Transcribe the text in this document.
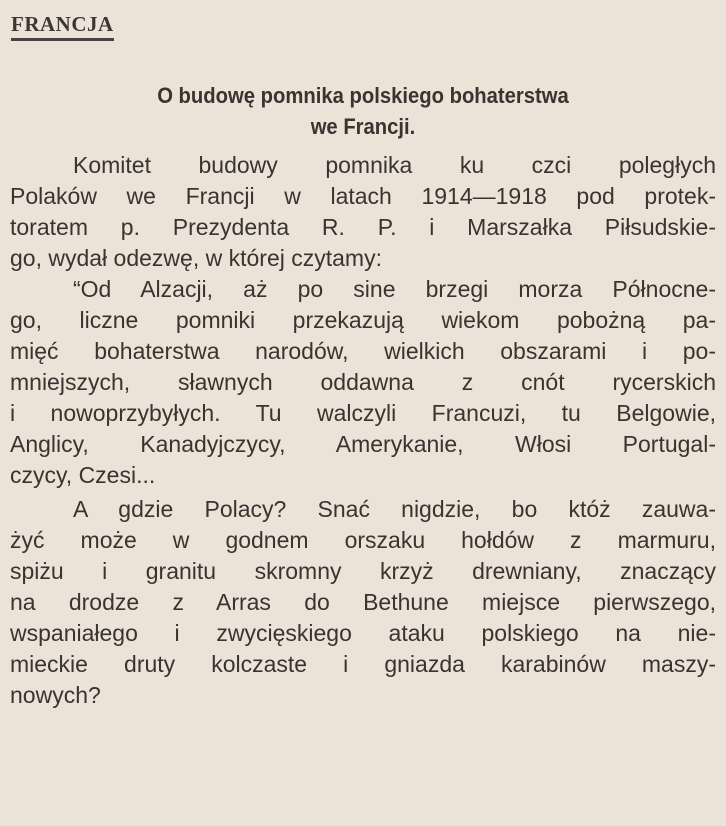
FRANCJA
O budowę pomnika polskiego bohaterstwa
we Francji.
Komitet budowy pomnika ku czci poległych
Polaków we Francji w latach 1914—1918 pod protek-
toratem p. Prezydenta R. P. i Marszałka Piłsudskie-
go, wydał odezwę, w której czytamy:
“Od Alzacji, aż po sine brzegi morza Północne-
go, liczne pomniki przekazują wiekom pobożną pa-
mięć bohaterstwa narodów, wielkich obszarami i po-
mniejszych, sławnych oddawna z cnót rycerskich
i nowoprzybyłych. Tu walczyli Francuzi, tu Belgowie,
Anglicy, Kanadyjczycy, Amerykanie, Włosi Portugal-
czycy, Czesi...
A gdzie Polacy? Snać nigdzie, bo któż zauwa-
żyć może w godnem orszaku hołdów z marmuru,
spiżu i granitu skromny krzyż drewniany, znaczący
na drodze z Arras do Bethune miejsce pierwszego,
wspaniałego i zwycięskiego ataku polskiego na nie-
mieckie druty kolczaste i gniazda karabinów maszy-
nowych?
